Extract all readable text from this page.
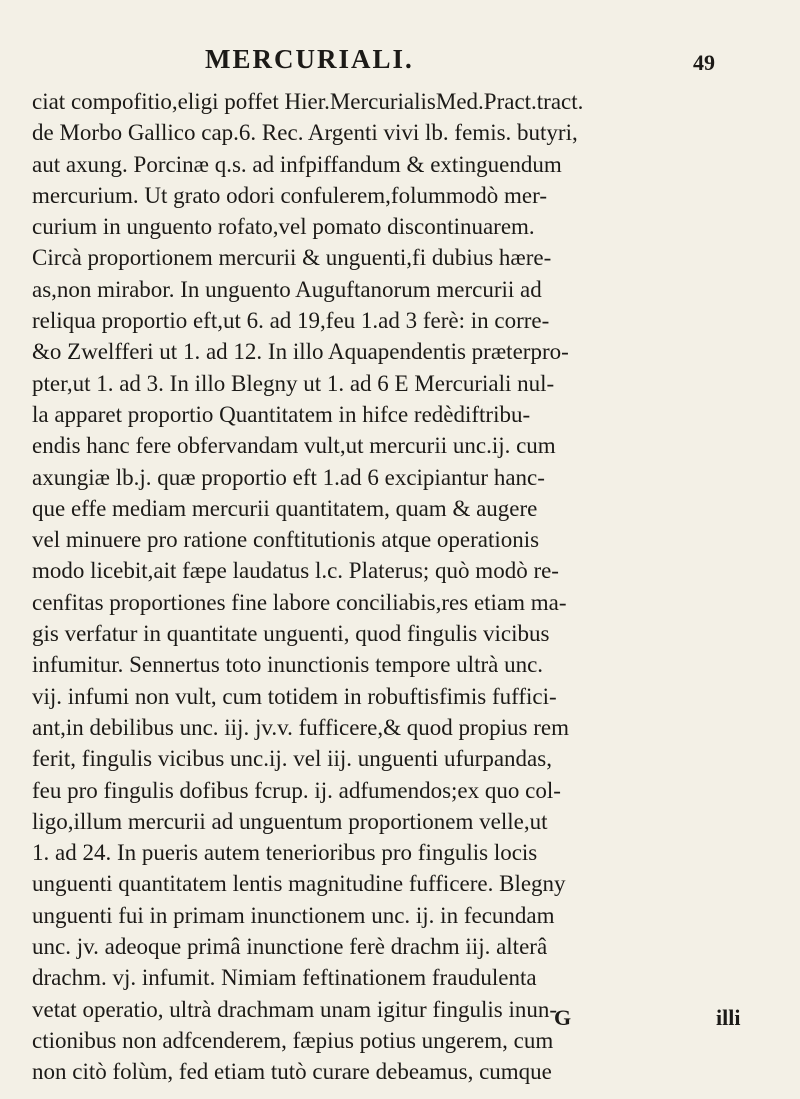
MERCURIALI.	49
ciat compofitio,eligi poffet Hier.MercurialisMed.Pract.tract.
de Morbo Gallico cap.6. Rec. Argenti vivi lb. femis. butyri,
aut axung. Porcinæ q.s. ad infpiffandum & extinguendum
mercurium. Ut grato odori confulerem,folummodò mer-
curium in unguento rofato,vel pomato discontinuarem.
Circà proportionem mercurii & unguenti,fi dubius hære-
as,non mirabor. In unguento Auguftanorum mercurii ad
reliqua proportio eft,ut 6. ad 19,feu 1.ad 3 ferè: in corre-
&o Zwelfferi ut 1. ad 12. In illo Aquapendentis præterpro-
pter,ut 1. ad 3. In illo Blegny ut 1. ad 6 E Mercuriali nul-
la apparet proportio Quantitatem in hifce redèdiftribu-
endis hanc fere obfervandam vult,ut mercurii unc.ij. cum
axungiæ lb.j. quæ proportio eft 1.ad 6 excipiantur hanc-
que effe mediam mercurii quantitatem, quam & augere
vel minuere pro ratione conftitutionis atque operationis
modo licebit,ait fæpe laudatus l.c. Platerus; quò modò re-
cenfitas proportiones fine labore conciliabis,res etiam ma-
gis verfatur in quantitate unguenti, quod fingulis vicibus
infumitur. Sennertus toto inunctionis tempore ultrà unc.
vij. infumi non vult, cum totidem in robuftisfimis fuffici-
ant,in debilibus unc. iij. jv.v. fufficere,& quod propius rem
ferit, fingulis vicibus unc.ij. vel iij. unguenti ufurpandas,
feu pro fingulis dofibus fcrup. ij. adfumendos;ex quo col-
ligo,illum mercurii ad unguentum proportionem velle,ut
1. ad 24. In pueris autem tenerioribus pro fingulis locis
unguenti quantitatem lentis magnitudine fufficere. Blegny
unguenti fui in primam inunctionem unc. ij. in fecundam
unc. jv. adeoque primâ inunctione ferè drachm iij. alterâ
drachm. vj. infumit. Nimiam feftinationem fraudulenta
vetat operatio, ultrà drachmam unam igitur fingulis inun-
ctionibus non adfcenderem, fæpius potius ungerem, cum
non citò folùm, fed etiam tutò curare debeamus, cumque
G	illi
